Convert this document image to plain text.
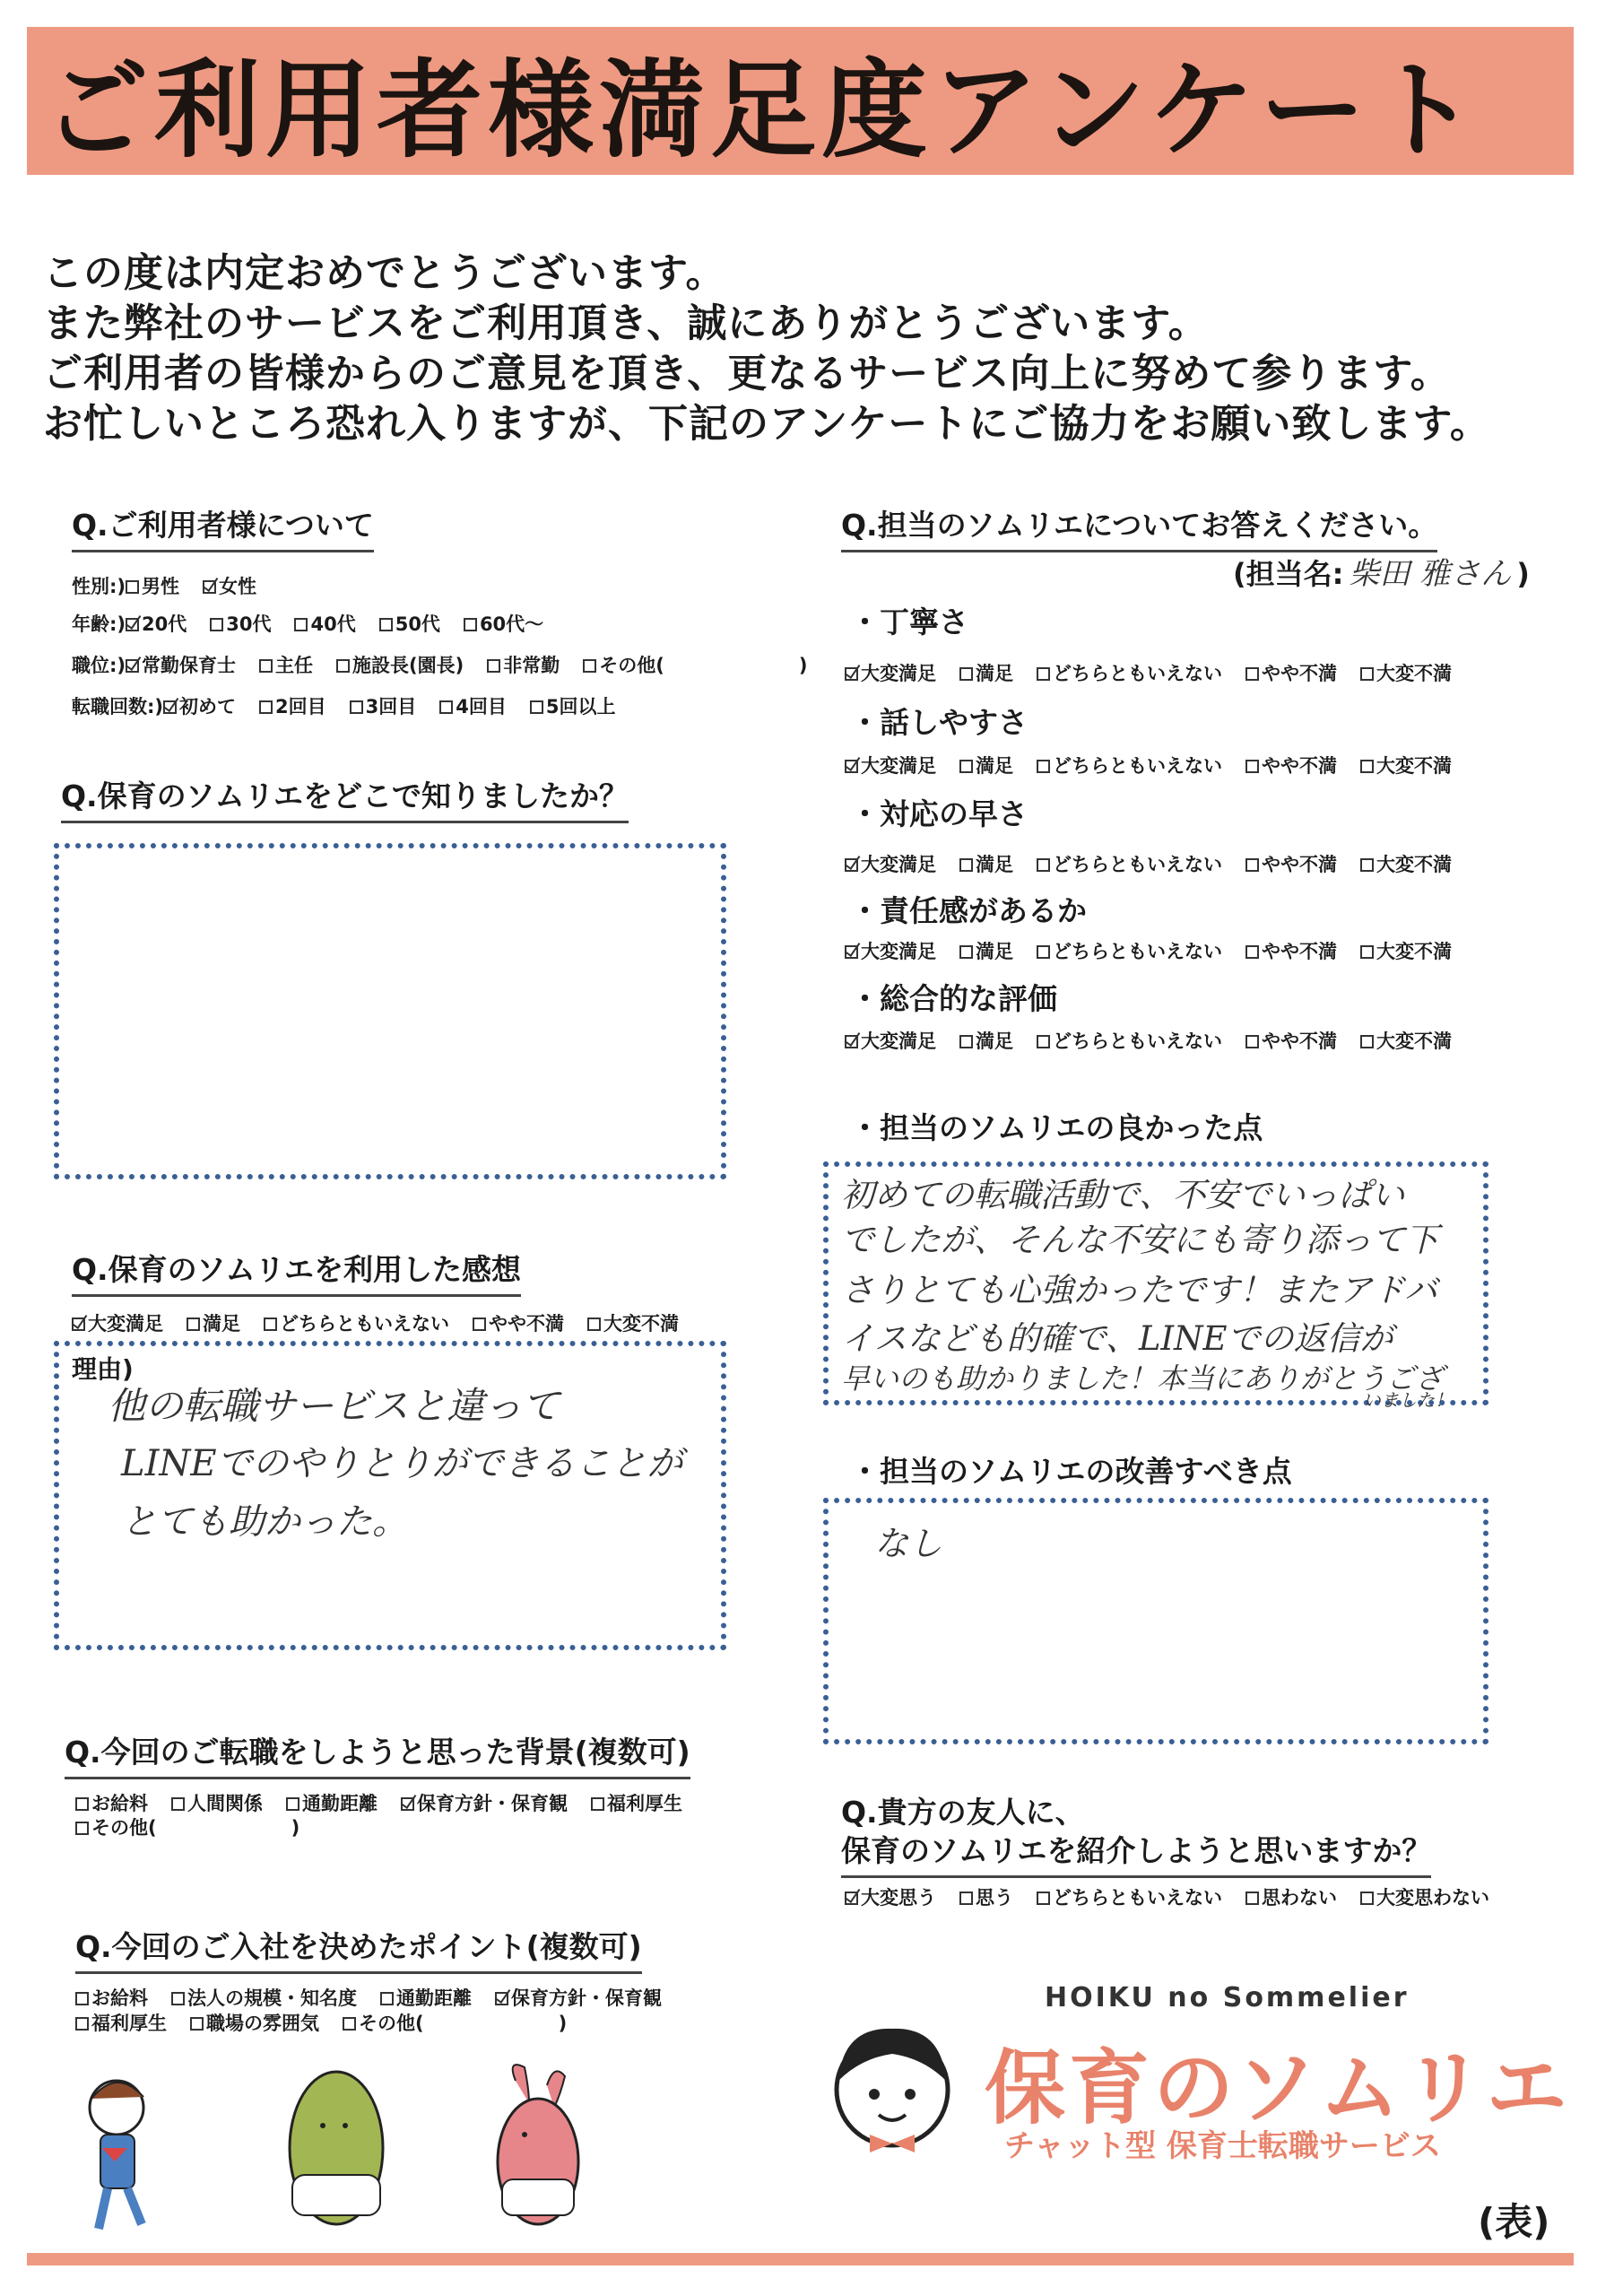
ご利用者様満足度アンケート
この度は内定おめでとうございます。
また弊社のサービスをご利用頂き、誠にありがとうございます。
ご利用者の皆様からのご意見を頂き、更なるサービス向上に努めて参ります。
お忙しいところ恐れ入りますが、下記のアンケートにご協力をお願い致します。
Q.ご利用者様について
性別:) 男性 女性
年齢:) 20代 30代 40代 50代 60代～
職位:) 常勤保育士 主任 施設長(園長) 非常勤 その他(	)
転職回数:) 初めて 2回目 3回目 4回目 5回以上
Q.保育のソムリエをどこで知りましたか？
Q.保育のソムリエを利用した感想
大変満足 満足 どちらともいえない やや不満 大変不満
理由)
他の転職サービスと違って
LINEでのやりとりができることが
とても助かった。
Q.今回のご転職をしようと思った背景(複数可)
お給料 人間関係 通勤距離 保育方針・保育観 福利厚生
その他(	)
Q.今回のご入社を決めたポイント(複数可)
お給料 法人の規模・知名度 通勤距離 保育方針・保育観
福利厚生 職場の雰囲気 その他(	)
Q.担当のソムリエについてお答えください。
(担当名: 柴田 雅さん )
・丁寧さ
大変満足 満足 どちらともいえない やや不満 大変不満
・話しやすさ
大変満足 満足 どちらともいえない やや不満 大変不満
・対応の早さ
大変満足 満足 どちらともいえない やや不満 大変不満
・責任感があるか
大変満足 満足 どちらともいえない やや不満 大変不満
・総合的な評価
大変満足 満足 どちらともいえない やや不満 大変不満
・担当のソムリエの良かった点
初めての転職活動で、不安でいっぱい
でしたが、そんな不安にも寄り添って下
さりとても心強かったです！またアドバ
イスなども的確で、LINEでの返信が
早いのも助かりました！本当にありがとうござ
いました！
・担当のソムリエの改善すべき点
なし
Q.貴方の友人に、
保育のソムリエを紹介しようと思いますか？
大変思う 思う どちらともいえない 思わない 大変思わない
HOIKU no Sommelier
保育のソムリエ
チャット型 保育士転職サービス
(表)
